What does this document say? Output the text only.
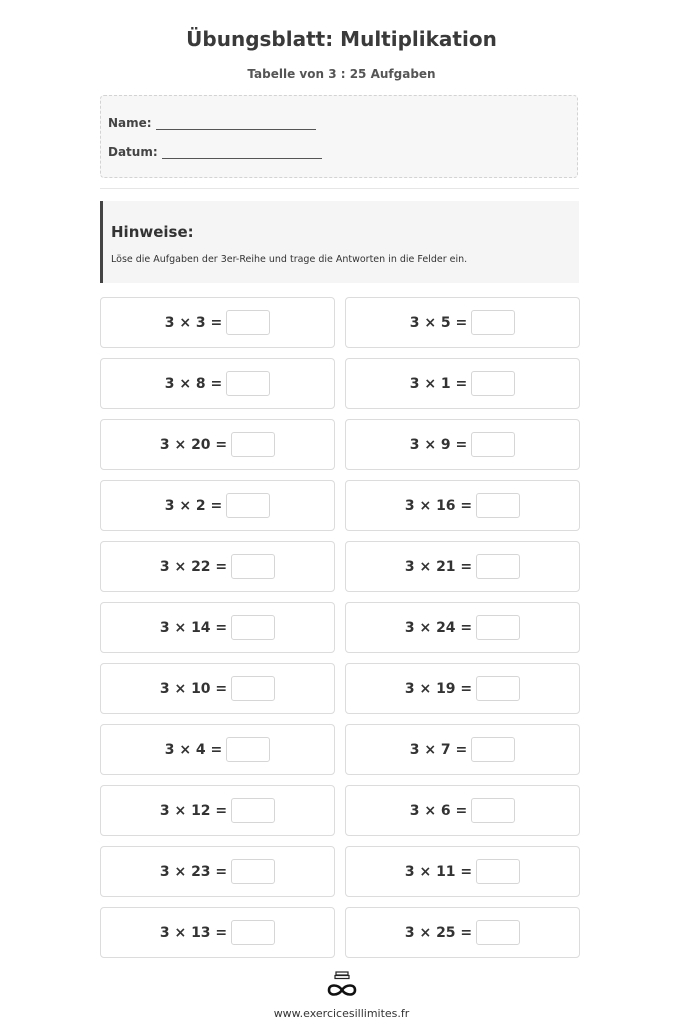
Übungsblatt: Multiplikation
Tabelle von 3 : 25 Aufgaben
Name:
Datum:
Hinweise:
Löse die Aufgaben der 3er-Reihe und trage die Antworten in die Felder ein.
3 × 3 =	3 × 5 =
3 × 8 =	3 × 1 =
3 × 20 =	3 × 9 =
3 × 2 =	3 × 16 =
3 × 22 =	3 × 21 =
3 × 14 =	3 × 24 =
3 × 10 =	3 × 19 =
3 × 4 =	3 × 7 =
3 × 12 =	3 × 6 =
3 × 23 =	3 × 11 =
3 × 13 =	3 × 25 =
www.exercicesillimites.fr
